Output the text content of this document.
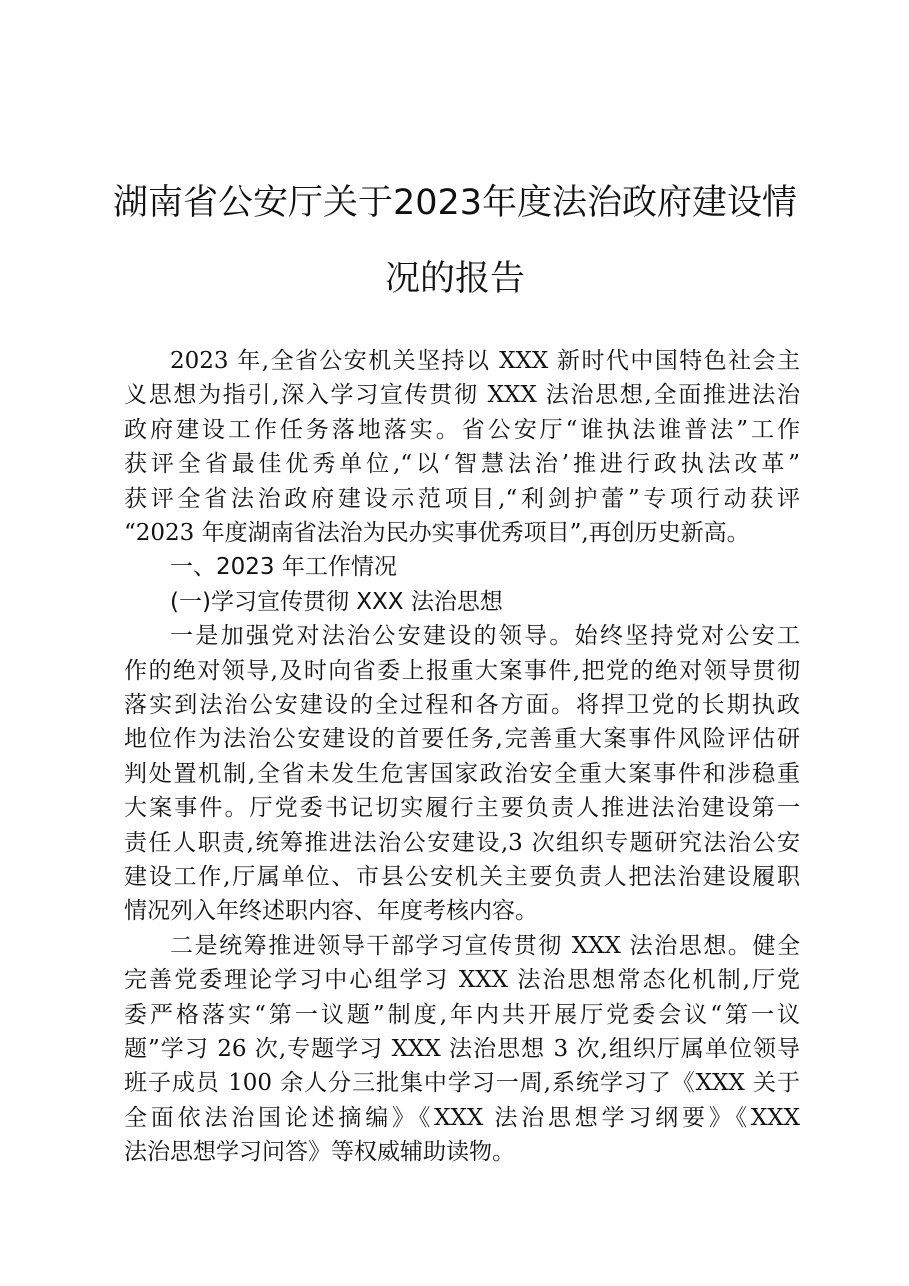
湖南省公安厅关于2023年度法治政府建设情
况的报告
2023 年,全省公安机关坚持以 XXX 新时代中国特色社会主
义思想为指引,深入学习宣传贯彻 XXX 法治思想,全面推进法治
政府建设工作任务落地落实。省公安厅“谁执法谁普法”工作
获评全省最佳优秀单位,“以‘智慧法治’推进行政执法改革”
获评全省法治政府建设示范项目,“利剑护蕾”专项行动获评
“2023 年度湖南省法治为民办实事优秀项目”,再创历史新高。
一、2023 年工作情况
(一)学习宣传贯彻 XXX 法治思想
一是加强党对法治公安建设的领导。始终坚持党对公安工
作的绝对领导,及时向省委上报重大案事件,把党的绝对领导贯彻
落实到法治公安建设的全过程和各方面。将捍卫党的长期执政
地位作为法治公安建设的首要任务,完善重大案事件风险评估研
判处置机制,全省未发生危害国家政治安全重大案事件和涉稳重
大案事件。厅党委书记切实履行主要负责人推进法治建设第一
责任人职责,统筹推进法治公安建设,3 次组织专题研究法治公安
建设工作,厅属单位、市县公安机关主要负责人把法治建设履职
情况列入年终述职内容、年度考核内容。
二是统筹推进领导干部学习宣传贯彻 XXX 法治思想。健全
完善党委理论学习中心组学习 XXX 法治思想常态化机制,厅党
委严格落实“第一议题”制度,年内共开展厅党委会议“第一议
题”学习 26 次,专题学习 XXX 法治思想 3 次,组织厅属单位领导
班子成员 100 余人分三批集中学习一周,系统学习了《XXX 关于
全面依法治国论述摘编》《XXX 法治思想学习纲要》《XXX
法治思想学习问答》等权威辅助读物。
